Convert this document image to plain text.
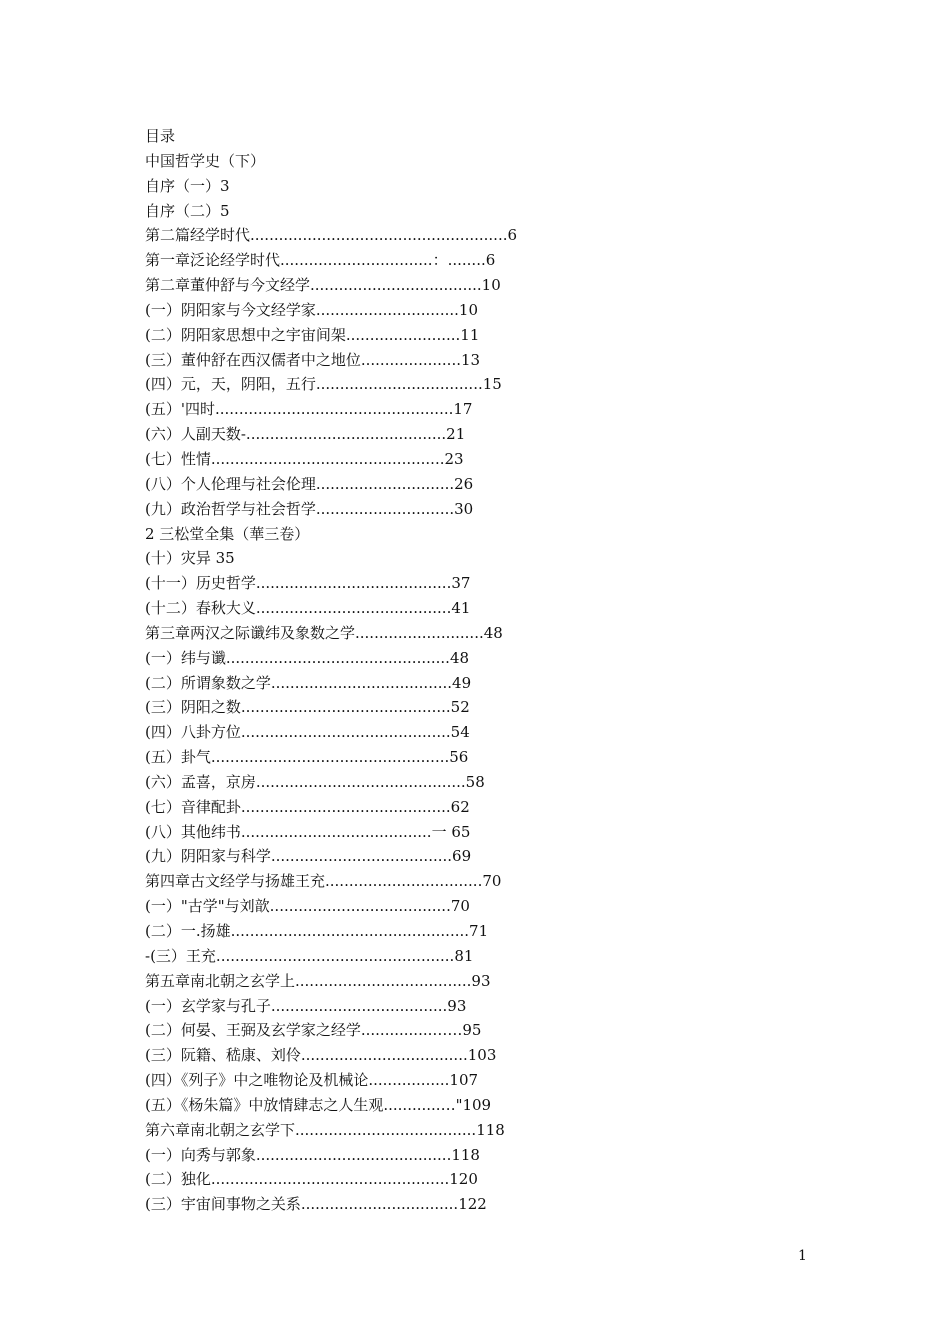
目录
中国哲学史（下）
自序（一）3
自序（二）5
第二篇经学时代......................................................6
第一章泛论经学时代................................：........6
第二章董仲舒与今文经学....................................10
(一）阴阳家与今文经学家..............................10
(二）阴阳家思想中之宇宙间架........................11
(三）董仲舒在西汉儒者中之地位.....................13
(四）元，天，阴阳，五行...................................15
(五）'四时..................................................17
(六）人副天数-..........................................21
(七）性情.................................................23
(八）个人伦理与社会伦理.............................26
(九）政治哲学与社会哲学.............................30
2 三松堂全集（華三卷）
(十）灾异 35
(十一）历史哲学.........................................37
(十二）春秋大义.........................................41
第三章两汉之际谶纬及象数之学...........................48
(一）纬与谶...............................................48
(二）所谓象数之学......................................49
(三）阴阳之数............................................52
(四）八卦方位............................................54
(五）卦气..................................................56
(六）孟喜，京房............................................58
(七）音律配卦............................................62
(八）其他纬书........................................一 65
(九）阴阳家与科学......................................69
第四章古文经学与扬雄王充.................................70
(一）"古学"与刘歆......................................70
(二）一.扬雄..................................................71
-(三）王充..................................................81
第五章南北朝之玄学上.....................................93
(一）玄学家与孔子.....................................93
(二）何晏、王弼及玄学家之经学...............……95
(三）阮籍、嵇康、刘伶...................................103
(四）《列子》中之唯物论及机械论.................107
(五）《杨朱篇》中放情肆志之人生观............…"109
第六章南北朝之玄学下......................................118
(一）向秀与郭象.........................................118
(二）独化..................................................120
(三）宇宙间事物之关系.................................122
1
